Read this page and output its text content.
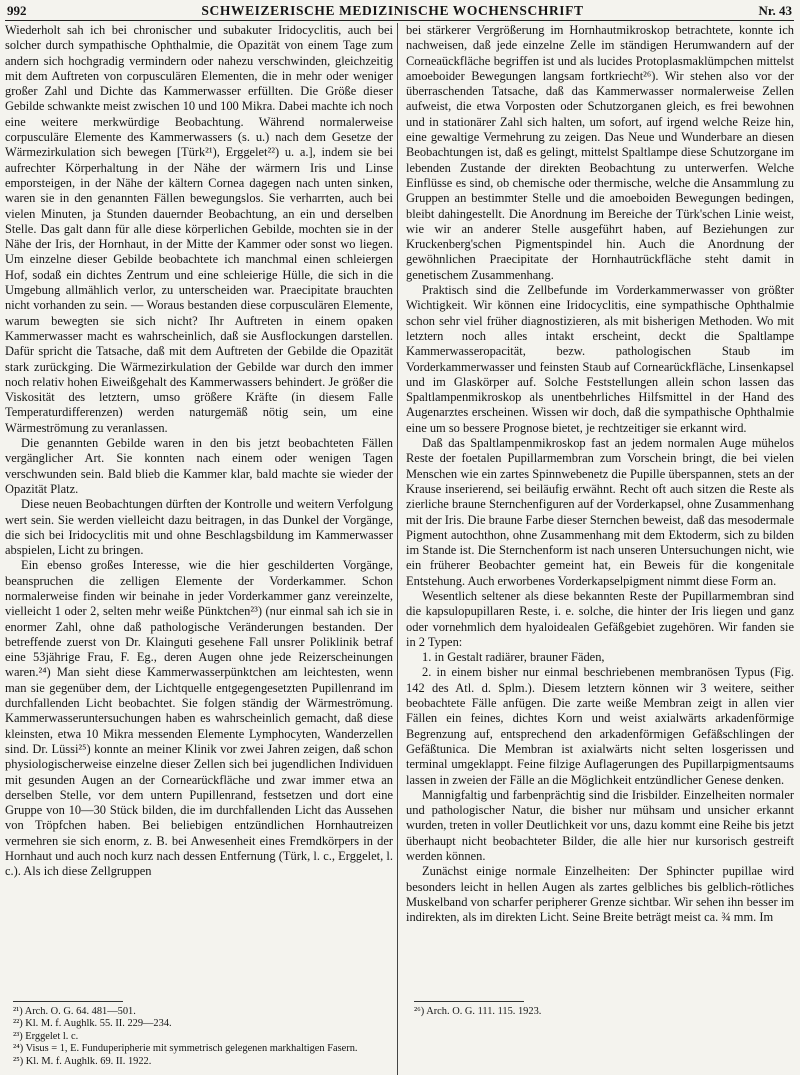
992	SCHWEIZERISCHE MEDIZINISCHE WOCHENSCHRIFT	Nr. 43

Wiederholt sah ich bei chronischer und subakuter Iridocyclitis, auch bei solcher durch sympathische Ophthalmie, die Opazität von einem Tage zum andern sich hochgradig vermindern oder nahezu verschwinden, gleichzeitig mit dem Auftreten von corpusculären Elementen, die in mehr oder weniger großer Zahl und Dichte das Kammerwasser erfüllten. Die Größe dieser Gebilde schwankte meist zwischen 10 und 100 Mikra. Dabei machte ich noch eine weitere merkwürdige Beobachtung. Während normalerweise corpusculäre Elemente des Kammerwassers (s. u.) nach dem Gesetze der Wärmezirkulation sich bewegen [Türk²¹), Erggelet²²) u. a.], indem sie bei aufrechter Körperhaltung in der Nähe der wärmern Iris und Linse emporsteigen, in der Nähe der kältern Cornea dagegen nach unten sinken, waren sie in den genannten Fällen bewegungslos. Sie verharrten, auch bei vielen Minuten, ja Stunden dauernder Beobachtung, an ein und derselben Stelle. Das galt dann für alle diese körperlichen Gebilde, mochten sie in der Nähe der Iris, der Hornhaut, in der Mitte der Kammer oder sonst wo liegen. Um einzelne dieser Gebilde beobachtete ich manchmal einen schleiergen Hof, sodaß ein dichtes Zentrum und eine schleierige Hülle, die sich in die Umgebung allmählich verlor, zu unterscheiden war. Praecipitate brauchten nicht vorhanden zu sein. — Woraus bestanden diese corpusculären Elemente, warum bewegten sie sich nicht? Ihr Auftreten in einem opaken Kammerwasser macht es wahrscheinlich, daß sie Ausflockungen darstellen. Dafür spricht die Tatsache, daß mit dem Auftreten der Gebilde die Opazität stark zurückging. Die Wärmezirkulation der Gebilde war durch den immer noch relativ hohen Eiweißgehalt des Kammerwassers behindert. Je größer die Viskosität des letztern, umso größere Kräfte (in diesem Falle Temperaturdifferenzen) werden naturgemäß nötig sein, um eine Wärmeströmung zu veranlassen.

Die genannten Gebilde waren in den bis jetzt beobachteten Fällen vergänglicher Art. Sie konnten nach einem oder wenigen Tagen verschwunden sein. Bald blieb die Kammer klar, bald machte sie wieder der Opazität Platz.

Diese neuen Beobachtungen dürften der Kontrolle und weitern Verfolgung wert sein. Sie werden vielleicht dazu beitragen, in das Dunkel der Vorgänge, die sich bei Iridocyclitis mit und ohne Beschlagsbildung im Kammerwasser abspielen, Licht zu bringen.

Ein ebenso großes Interesse, wie die hier geschilderten Vorgänge, beanspruchen die zelligen Elemente der Vorderkammer. Schon normalerweise finden wir beinahe in jeder Vorderkammer ganz vereinzelte, vielleicht 1 oder 2, selten mehr weiße Pünktchen²³) (nur einmal sah ich sie in enormer Zahl, ohne daß pathologische Veränderungen bestanden. Der betreffende zuerst von Dr. Klainguti gesehene Fall unsrer Poliklinik betraf eine 53jährige Frau, F. Eg., deren Augen ohne jede Reizerscheinungen waren.²⁴) Man sieht diese Kammerwasserpünktchen am leichtesten, wenn man sie gegenüber dem, der Lichtquelle entgegengesetzten Pupillenrand im durchfallenden Licht beobachtet. Sie folgen ständig der Wärmeströmung. Kammerwasseruntersuchungen haben es wahrscheinlich gemacht, daß diese kleinsten, etwa 10 Mikra messenden Elemente Lymphocyten, Wanderzellen sind. Dr. Lüssi²⁵) konnte an meiner Klinik vor zwei Jahren zeigen, daß schon physiologischerweise einzelne dieser Zellen sich bei jugendlichen Individuen mit gesunden Augen an der Cornearückfläche und zwar immer etwa an derselben Stelle, vor dem untern Pupillenrand, festsetzen und dort eine Gruppe von 10—30 Stück bilden, die im durchfallenden Licht das Aussehen von Tröpfchen haben. Bei beliebigen entzündlichen Hornhautreizen vermehren sie sich enorm, z. B. bei Anwesenheit eines Fremdkörpers in der Hornhaut und auch noch kurz nach dessen Entfernung (Türk, l. c., Erggelet, l. c.). Als ich diese Zellgruppen

²¹) Arch. O. G. 64. 481—501.
²²) Kl. M. f. Aughlk. 55. II. 229—234.
²³) Erggelet l. c.
²⁴) Visus = 1, E. Funduperipherie mit symmetrisch gelegenen markhaltigen Fasern.
²⁵) Kl. M. f. Aughlk. 69. II. 1922.

bei stärkerer Vergrößerung im Hornhautmikroskop betrachtete, konnte ich nachweisen, daß jede einzelne Zelle im ständigen Herumwandern auf der Corneaückfläche begriffen ist und als lucides Protoplasmaklümpchen mittelst amoeboider Bewegungen langsam fortkriecht²⁶). Wir stehen also vor der überraschenden Tatsache, daß das Kammerwasser normalerweise Zellen aufweist, die etwa Vorposten oder Schutzorganen gleich, es frei bewohnen und in stationärer Zahl sich halten, um sofort, auf irgend welche Reize hin, eine gewaltige Vermehrung zu zeigen. Das Neue und Wunderbare an diesen Beobachtungen ist, daß es gelingt, mittelst Spaltlampe diese Schutzorgane im lebenden Zustande der direkten Beobachtung zu unterwerfen. Welche Einflüsse es sind, ob chemische oder thermische, welche die Ansammlung zu Gruppen an bestimmter Stelle und die amoeboiden Bewegungen bedingen, bleibt dahingestellt. Die Anordnung im Bereiche der Türk'schen Linie weist, wie wir an anderer Stelle ausgeführt haben, auf Beziehungen zur Kruckenberg'schen Pigmentspindel hin. Auch die Anordnung der gewöhnlichen Praecipitate der Hornhautrückfläche steht damit in genetischem Zusammenhang.

Praktisch sind die Zellbefunde im Vorderkammerwasser von größter Wichtigkeit. Wir können eine Iridocyclitis, eine sympathische Ophthalmie schon sehr viel früher diagnostizieren, als mit bisherigen Methoden. Wo mit letztern noch alles intakt erscheint, deckt die Spaltlampe Kammerwasseropacität, bezw. pathologischen Staub im Vorderkammerwasser und feinsten Staub auf Cornearückfläche, Linsenkapsel und im Glaskörper auf. Solche Feststellungen allein schon lassen das Spaltlampenmikroskop als unentbehrliches Hilfsmittel in der Hand des Augenarztes erscheinen. Wissen wir doch, daß die sympathische Ophthalmie eine um so bessere Prognose bietet, je rechtzeitiger sie erkannt wird.

Daß das Spaltlampenmikroskop fast an jedem normalen Auge mühelos Reste der foetalen Pupillarmembran zum Vorschein bringt, die bei vielen Menschen wie ein zartes Spinnwebenetz die Pupille überspannen, stets an der Krause inserierend, sei beiläufig erwähnt. Recht oft auch sitzen die Reste als zierliche braune Sternchenfiguren auf der Vorderkapsel, ohne Zusammenhang mit der Iris. Die braune Farbe dieser Sternchen beweist, daß das mesodermale Pigment autochthon, ohne Zusammenhang mit dem Ektoderm, sich zu bilden im Stande ist. Die Sternchenform ist nach unseren Untersuchungen nicht, wie ein früherer Beobachter gemeint hat, ein Beweis für die kongenitale Entstehung. Auch erworbenes Vorderkapselpigment nimmt diese Form an.

Wesentlich seltener als diese bekannten Reste der Pupillarmembran sind die kapsulopupillaren Reste, i. e. solche, die hinter der Iris liegen und ganz oder vornehmlich dem hyaloidealen Gefäßgebiet zugehören. Wir fanden sie in 2 Typen:

1. in Gestalt radiärer, brauner Fäden,

2. in einem bisher nur einmal beschriebenen membranösen Typus (Fig. 142 des Atl. d. Splm.). Diesem letztern können wir 3 weitere, seither beobachtete Fälle anfügen. Die zarte weiße Membran zeigt in allen vier Fällen ein feines, dichtes Korn und weist axialwärts arkadenförmige Begrenzung auf, entsprechend den arkadenförmigen Gefäßschlingen der Gefäßtunica. Die Membran ist axialwärts nicht selten losgerissen und terminal umgeklappt. Feine filzige Auflagerungen des Pupillarpigmentsaums lassen in zweien der Fälle an die Möglichkeit entzündlicher Genese denken.

Mannigfaltig und farbenprächtig sind die Irisbilder. Einzelheiten normaler und pathologischer Natur, die bisher nur mühsam und unsicher erkannt wurden, treten in voller Deutlichkeit vor uns, dazu kommt eine Reihe bis jetzt überhaupt nicht beobachteter Bilder, die alle hier nur kursorisch gestreift werden können.

Zunächst einige normale Einzelheiten: Der Sphincter pupillae wird besonders leicht in hellen Augen als zartes gelbliches bis gelblich-rötliches Muskelband von scharfer peripherer Grenze sichtbar. Wir sehen ihn besser im indirekten, als im direkten Licht. Seine Breite beträgt meist ca. ¾ mm. Im

²⁶) Arch. O. G. 111. 115. 1923.
